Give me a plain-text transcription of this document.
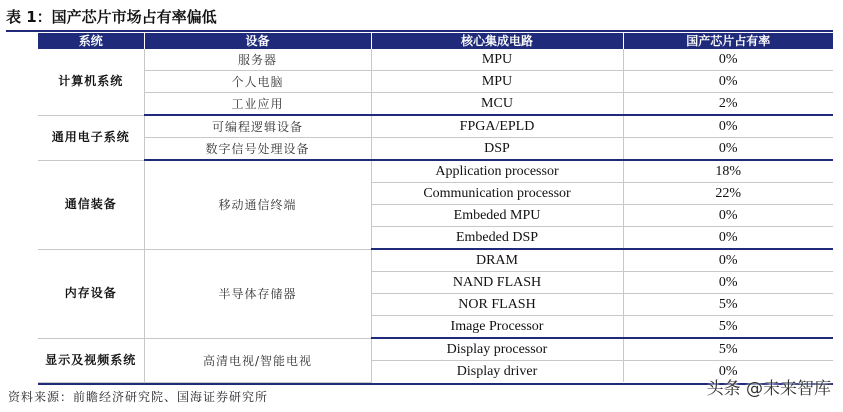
表 1：国产芯片市场占有率偏低
系统	设备	核心集成电路	国产芯片占有率
计算机系统	服务器	MPU	0%
	个人电脑	MPU	0%
	工业应用	MCU	2%
通用电子系统	可编程逻辑设备	FPGA/EPLD	0%
	数字信号处理设备	DSP	0%
通信装备	移动通信终端	Application processor	18%
		Communication processor	22%
		Embeded MPU	0%
		Embeded DSP	0%
内存设备	半导体存储器	DRAM	0%
		NAND FLASH	0%
		NOR FLASH	5%
		Image Processor	5%
显示及视频系统	高清电视/智能电视	Display processor	5%
		Display driver	0%
资料来源：前瞻经济研究院、国海证券研究所	头条 @未来智库
